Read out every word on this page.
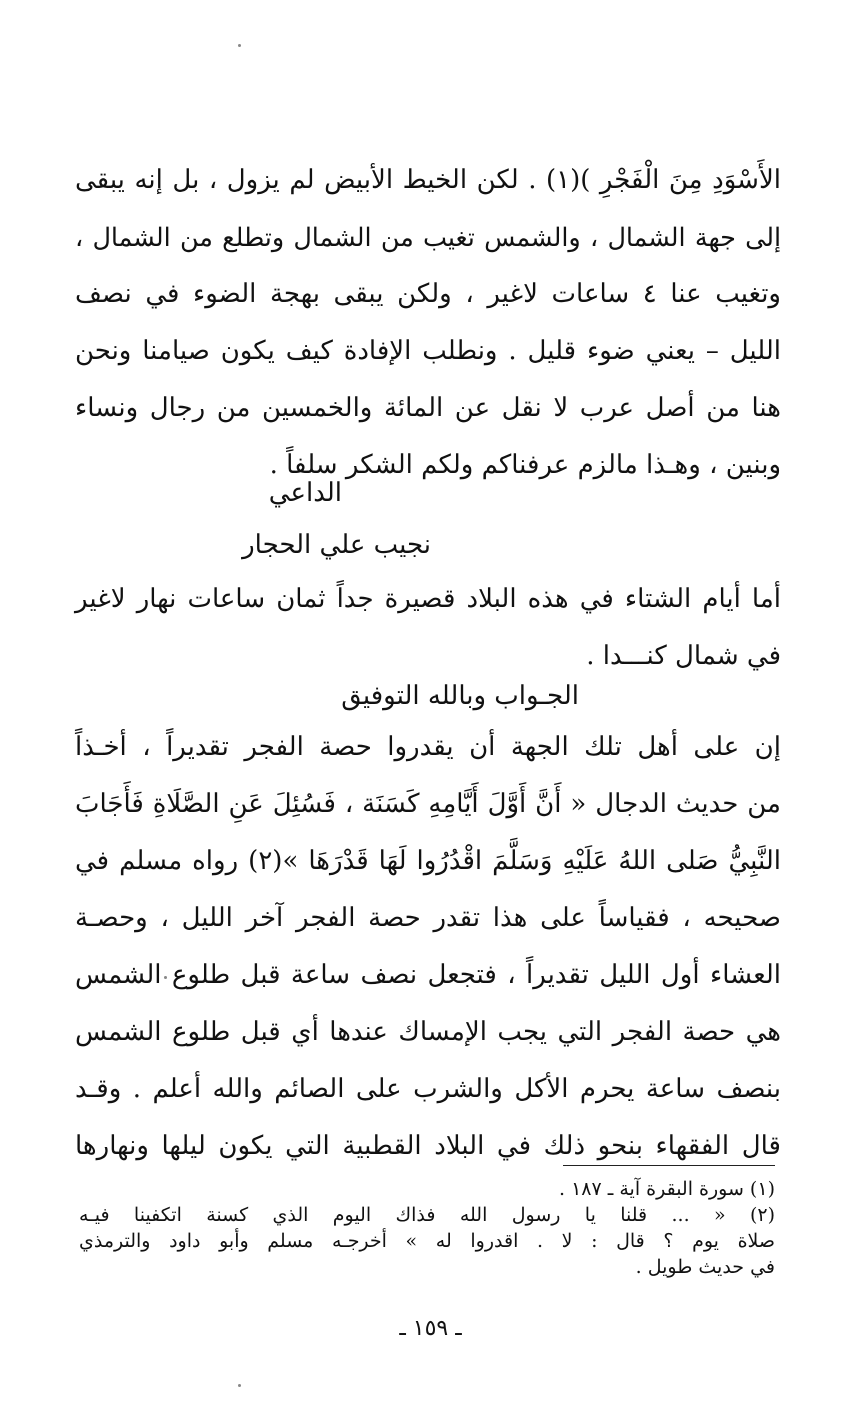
الأَسْوَدِ مِنَ الْفَجْرِ )(١) . لكن الخيط الأبيض لم يزول ، بل إنه يبقى
إلى جهة الشمال ، والشمس تغيب من الشمال وتطلع من الشمال ،
وتغيب عنا ٤ ساعات لاغير ، ولكن يبقى بهجة الضوء في نصف
الليل – يعني ضوء قليل . ونطلب الإفادة كيف يكون صيامنا ونحن
هنا من أصل عرب لا نقل عن المائة والخمسين من رجال ونساء
وبنين ، وهـذا مالزم عرفناكم ولكم الشكر سلفاً .
الداعي
نجيب علي الحجار
أما أيام الشتاء في هذه البلاد قصيرة جداً ثمان ساعات نهار لاغير
في شمال كنـــدا .
الجـواب وبالله التوفيق
إن على أهل تلك الجهة أن يقدروا حصة الفجر تقديراً ، أخـذاً
من حديث الدجال « أَنَّ أَوَّلَ أَيَّامِهِ كَسَنَة ، فَسُئِلَ عَنِ الصَّلَاةِ فَأَجَابَ
النَّبِيُّ صَلى اللهُ عَلَيْهِ وَسَلَّمَ اقْدُرُوا لَهَا قَدْرَهَا »(٢) رواه مسلم في
صحيحه ، فقياساً على هذا تقدر حصة الفجر آخر الليل ، وحصـة
العشاء أول الليل تقديراً ، فتجعل نصف ساعة قبل طلوع الشمس
هي حصة الفجر التي يجب الإمساك عندها أي قبل طلوع الشمس
بنصف ساعة يحرم الأكل والشرب على الصائم والله أعلم . وقـد
قال الفقهاء بنحو ذلك في البلاد القطبية التي يكون ليلها ونهارها
(١) سورة البقرة آية ـ ١٨٧ .
(٢) « ... قلنا يا رسول الله فذاك اليوم الذي كسنة اتكفينا فيـه
صلاة يوم ؟ قال : لا . اقدروا له » أخرجـه مسلم وأبو داود والترمذي
في حديث طويل .
ـ ١٥٩ ـ
